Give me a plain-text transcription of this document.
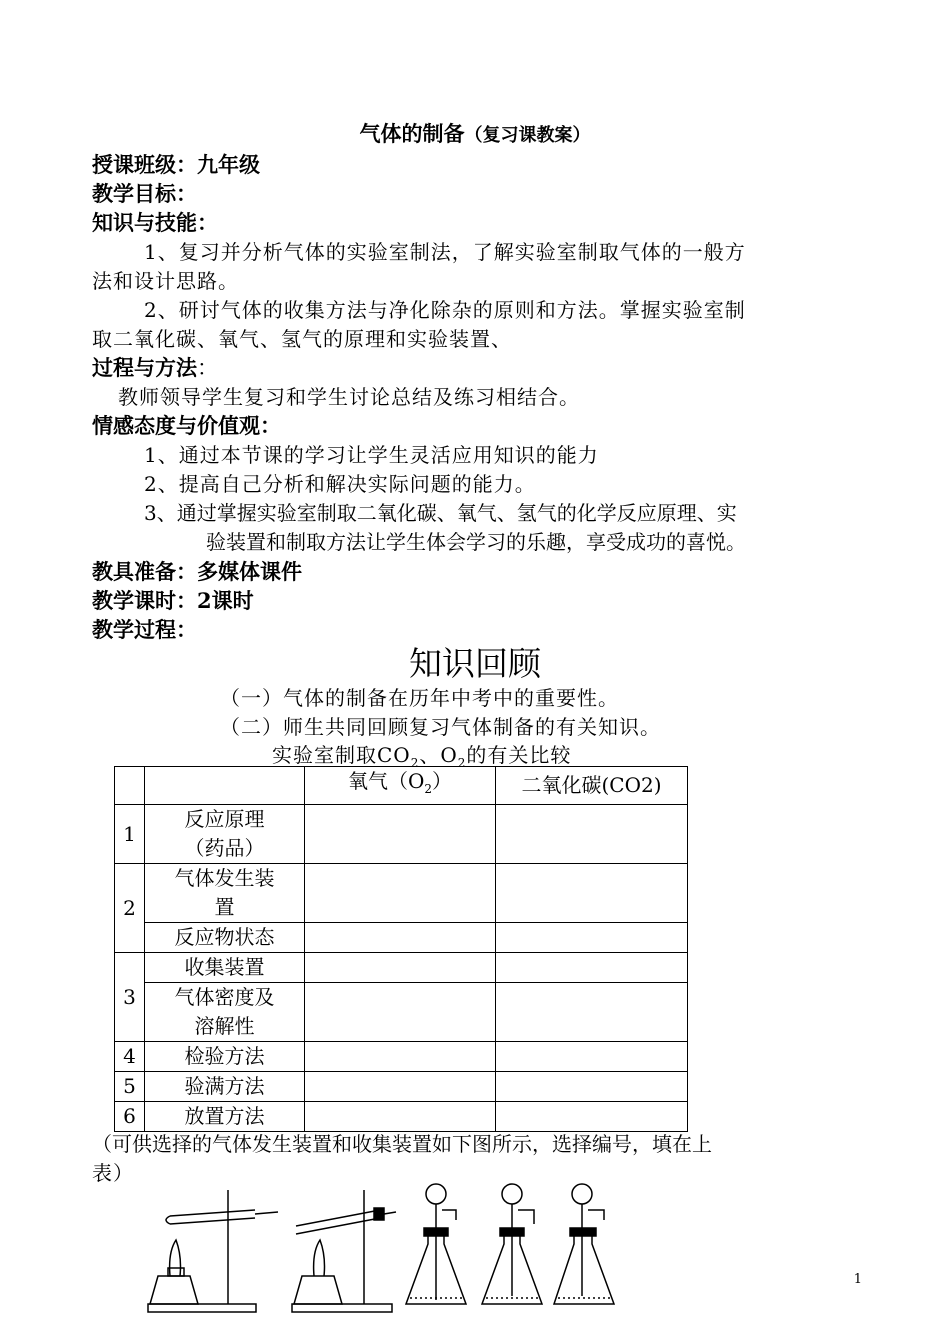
气体的制备（复习课教案）
授课班级：九年级
教学目标：
知识与技能：
1、复习并分析气体的实验室制法，了解实验室制取气体的一般方
法和设计思路。
2、研讨气体的收集方法与净化除杂的原则和方法。掌握实验室制
取二氧化碳、氧气、氢气的原理和实验装置、
过程与方法：
教师领导学生复习和学生讨论总结及练习相结合。
情感态度与价值观：
1、通过本节课的学习让学生灵活应用知识的能力
2、提高自己分析和解决实际问题的能力。
3、通过掌握实验室制取二氧化碳、氧气、氢气的化学反应原理、实
验装置和制取方法让学生体会学习的乐趣，享受成功的喜悦。
教具准备：多媒体课件
教学课时：2课时
教学过程：
知识回顾
（一）气体的制备在历年中考中的重要性。
（二）师生共同回顾复习气体制备的有关知识。
实验室制取$CO_2$、$O_2$的有关比较
		氧气$(O_2)$	二氧化碳(CO2)
1	反应原理
（药品）		

2	气体发生装
置		

	反应物状态		
3	收集装置		

	气体密度及
溶解性		

4	检验方法		
5	验满方法		
6	放置方法		
（可供选择的气体发生装置和收集装置如下图所示，选择编号，填在上
表）
1
